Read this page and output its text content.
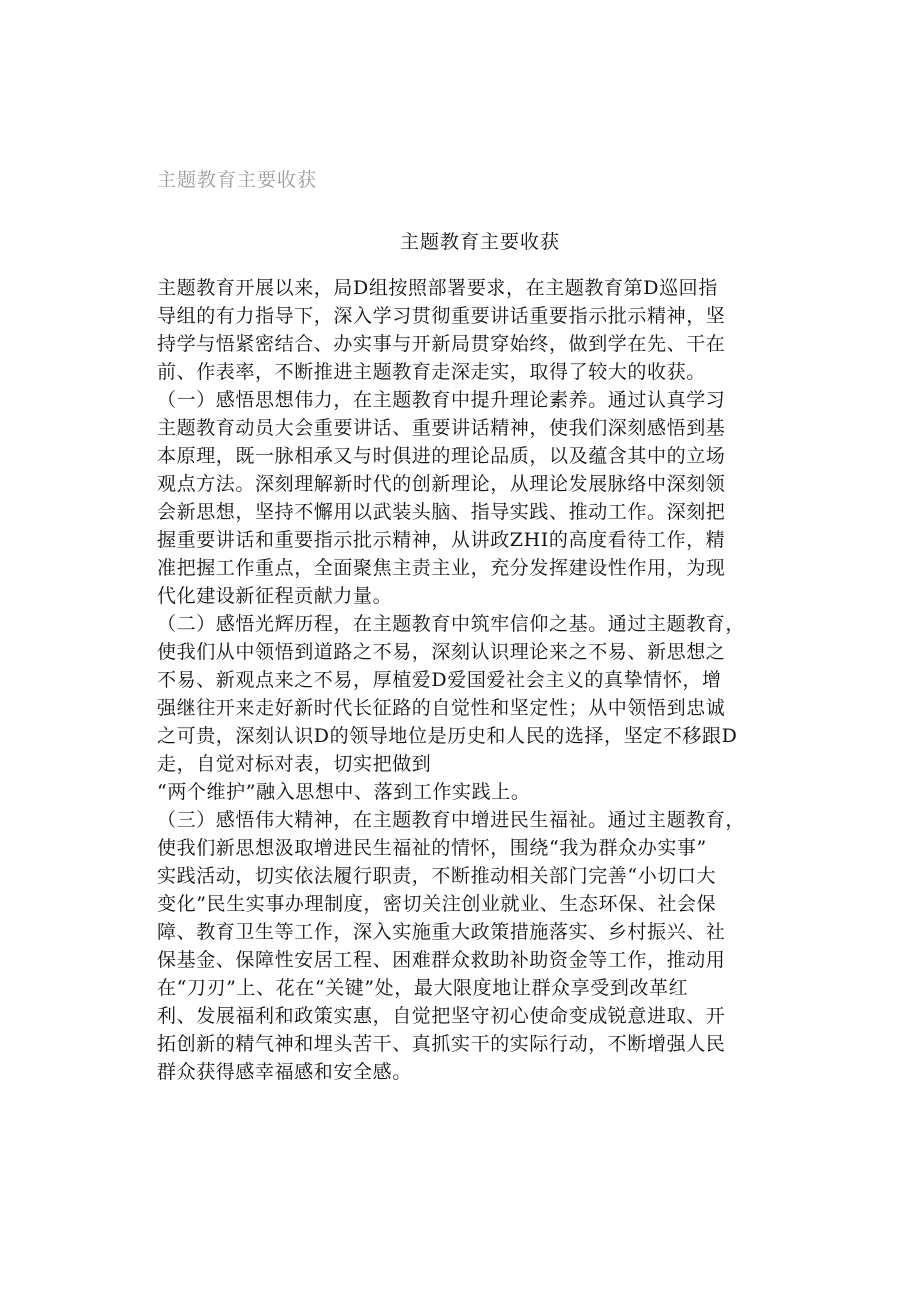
主题教育主要收获
主题教育主要收获
主题教育开展以来，局D组按照部署要求，在主题教育第D巡回指
导组的有力指导下，深入学习贯彻重要讲话重要指示批示精神，坚
持学与悟紧密结合、办实事与开新局贯穿始终，做到学在先、干在
前、作表率，不断推进主题教育走深走实，取得了较大的收获。
（一）感悟思想伟力，在主题教育中提升理论素养。通过认真学习
主题教育动员大会重要讲话、重要讲话精神，使我们深刻感悟到基
本原理，既一脉相承又与时俱进的理论品质，以及蕴含其中的立场
观点方法。深刻理解新时代的创新理论，从理论发展脉络中深刻领
会新思想，坚持不懈用以武装头脑、指导实践、推动工作。深刻把
握重要讲话和重要指示批示精神，从讲政ZHI的高度看待工作，精
准把握工作重点，全面聚焦主责主业，充分发挥建设性作用，为现
代化建设新征程贡献力量。
（二）感悟光辉历程，在主题教育中筑牢信仰之基。通过主题教育，
使我们从中领悟到道路之不易，深刻认识理论来之不易、新思想之
不易、新观点来之不易，厚植爱D爱国爱社会主义的真挚情怀，增
强继往开来走好新时代长征路的自觉性和坚定性；从中领悟到忠诚
之可贵，深刻认识D的领导地位是历史和人民的选择，坚定不移跟D
走，自觉对标对表，切实把做到
“两个维护”融入思想中、落到工作实践上。
（三）感悟伟大精神，在主题教育中增进民生福祉。通过主题教育，
使我们新思想汲取增进民生福祉的情怀，围绕“我为群众办实事”
实践活动，切实依法履行职责，不断推动相关部门完善“小切口大
变化”民生实事办理制度，密切关注创业就业、生态环保、社会保
障、教育卫生等工作，深入实施重大政策措施落实、乡村振兴、社
保基金、保障性安居工程、困难群众救助补助资金等工作，推动用
在“刀刃”上、花在“关键”处，最大限度地让群众享受到改革红
利、发展福利和政策实惠，自觉把坚守初心使命变成锐意进取、开
拓创新的精气神和埋头苦干、真抓实干的实际行动，不断增强人民
群众获得感幸福感和安全感。
